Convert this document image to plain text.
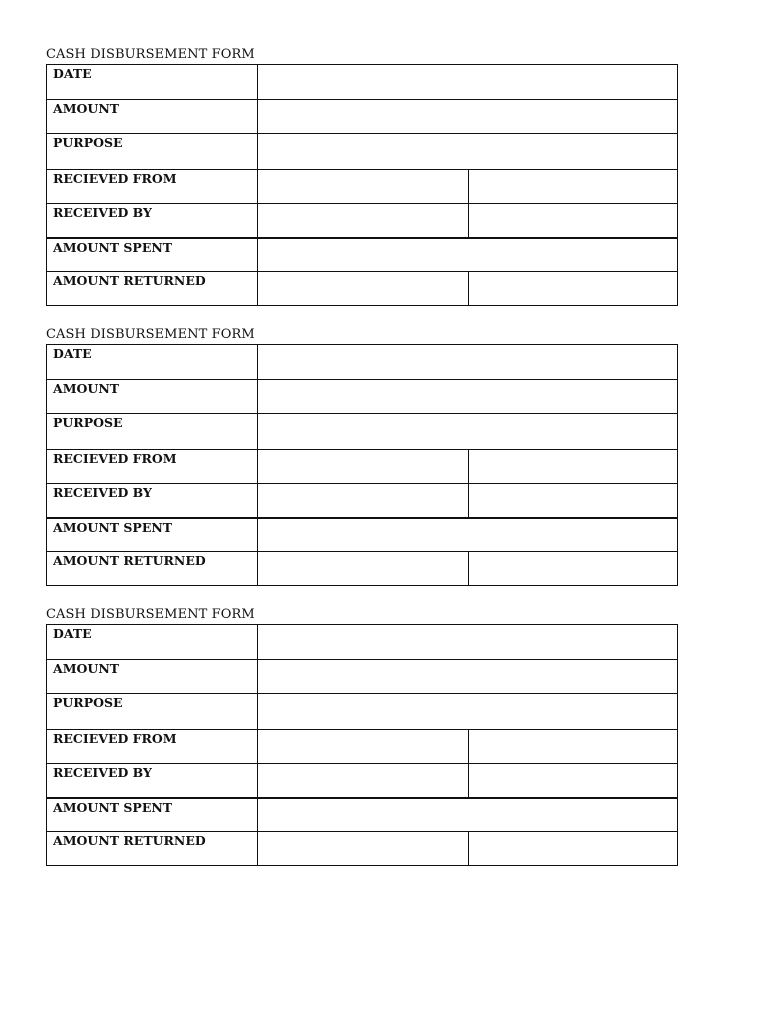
CASH DISBURSEMENT FORM
DATE
AMOUNT
PURPOSE
RECIEVED FROM
RECEIVED BY
AMOUNT SPENT
AMOUNT RETURNED
CASH DISBURSEMENT FORM
DATE
AMOUNT
PURPOSE
RECIEVED FROM
RECEIVED BY
AMOUNT SPENT
AMOUNT RETURNED
CASH DISBURSEMENT FORM
DATE
AMOUNT
PURPOSE
RECIEVED FROM
RECEIVED BY
AMOUNT SPENT
AMOUNT RETURNED
